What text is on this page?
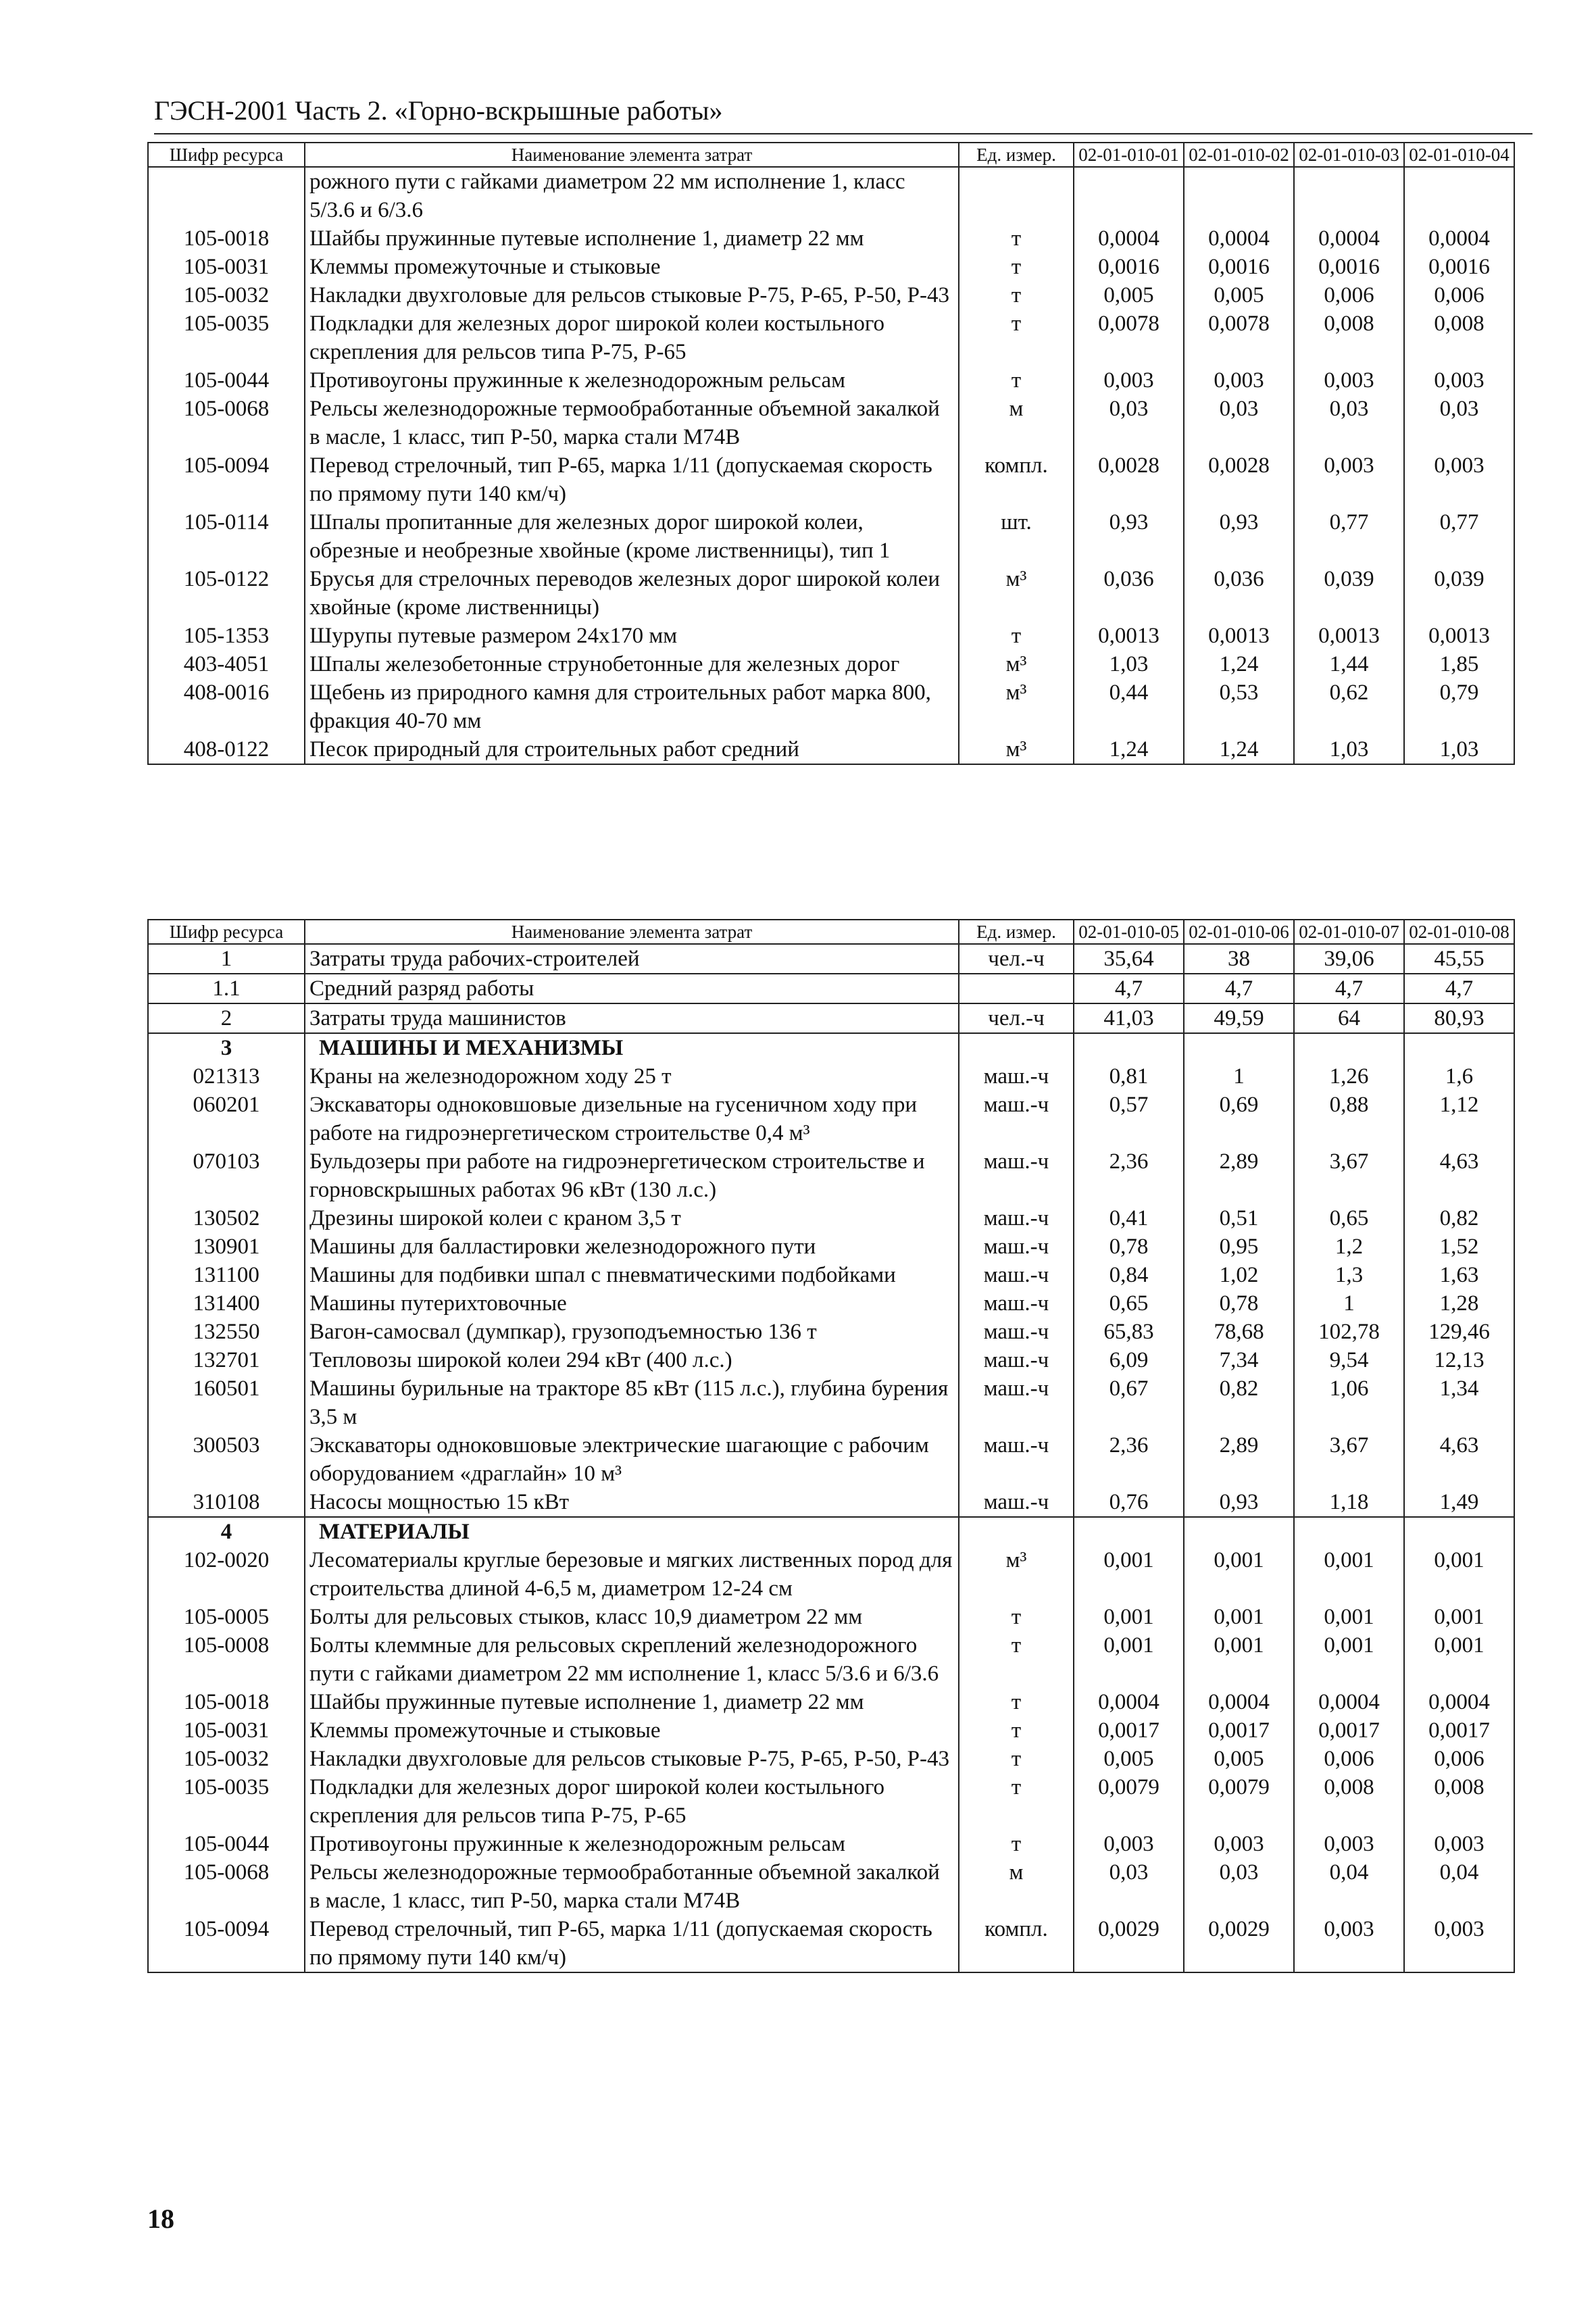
ГЭСН-2001 Часть 2. «Горно-вскрышные работы»
Шифр ресурса	Наименование элемента затрат	Ед. измер.	02-01-010-01	02-01-010-02	02-01-010-03	02-01-010-04
	рожного пути с гайками диаметром 22 мм исполнение 1, класс 5/3.6 и 6/3.6					
105-0018	Шайбы пружинные путевые исполнение 1, диаметр 22 мм	т	0,0004	0,0004	0,0004	0,0004
105-0031	Клеммы промежуточные и стыковые	т	0,0016	0,0016	0,0016	0,0016
105-0032	Накладки двухголовые для рельсов стыковые Р-75, Р-65, Р-50, Р-43	т	0,005	0,005	0,006	0,006
105-0035	Подкладки для железных дорог широкой колеи костыльного скрепления для рельсов типа Р-75, Р-65	т	0,0078	0,0078	0,008	0,008
105-0044	Противоугоны пружинные к железнодорожным рельсам	т	0,003	0,003	0,003	0,003
105-0068	Рельсы железнодорожные термообработанные объемной закалкой в масле, 1 класс, тип Р-50, марка стали М74В	м	0,03	0,03	0,03	0,03
105-0094	Перевод стрелочный, тип Р-65, марка 1/11 (допускаемая скорость по прямому пути 140 км/ч)	компл.	0,0028	0,0028	0,003	0,003
105-0114	Шпалы пропитанные для железных дорог широкой колеи, обрезные и необрезные хвойные (кроме лиственницы), тип 1	шт.	0,93	0,93	0,77	0,77
105-0122	Брусья для стрелочных переводов железных дорог широкой колеи хвойные (кроме лиственницы)	м³	0,036	0,036	0,039	0,039
105-1353	Шурупы путевые размером 24x170 мм	т	0,0013	0,0013	0,0013	0,0013
403-4051	Шпалы железобетонные струнобетонные для железных дорог	м³	1,03	1,24	1,44	1,85
408-0016	Щебень из природного камня для строительных работ марка 800, фракция 40-70 мм	м³	0,44	0,53	0,62	0,79
408-0122	Песок природный для строительных работ средний	м³	1,24	1,24	1,03	1,03
Шифр ресурса	Наименование элемента затрат	Ед. измер.	02-01-010-05	02-01-010-06	02-01-010-07	02-01-010-08
1	Затраты труда рабочих-строителей	чел.-ч	35,64	38	39,06	45,55
1.1	Средний разряд работы		4,7	4,7	4,7	4,7
2	Затраты труда машинистов	чел.-ч	41,03	49,59	64	80,93
3	МАШИНЫ И МЕХАНИЗМЫ					
021313	Краны на железнодорожном ходу 25 т	маш.-ч	0,81	1	1,26	1,6
060201	Экскаваторы одноковшовые дизельные на гусеничном ходу при работе на гидроэнергетическом строительстве 0,4 м³	маш.-ч	0,57	0,69	0,88	1,12
070103	Бульдозеры при работе на гидроэнергетическом строительстве и горновскрышных работах 96 кВт (130 л.с.)	маш.-ч	2,36	2,89	3,67	4,63
130502	Дрезины широкой колеи с краном 3,5 т	маш.-ч	0,41	0,51	0,65	0,82
130901	Машины для балластировки железнодорожного пути	маш.-ч	0,78	0,95	1,2	1,52
131100	Машины для подбивки шпал с пневматическими подбойками	маш.-ч	0,84	1,02	1,3	1,63
131400	Машины путерихтовочные	маш.-ч	0,65	0,78	1	1,28
132550	Вагон-самосвал (думпкар), грузоподъемностью 136 т	маш.-ч	65,83	78,68	102,78	129,46
132701	Тепловозы широкой колеи 294 кВт (400 л.с.)	маш.-ч	6,09	7,34	9,54	12,13
160501	Машины бурильные на тракторе 85 кВт (115 л.с.), глубина бурения 3,5 м	маш.-ч	0,67	0,82	1,06	1,34
300503	Экскаваторы одноковшовые электрические шагающие с рабочим оборудованием «драглайн» 10 м³	маш.-ч	2,36	2,89	3,67	4,63
310108	Насосы мощностью 15 кВт	маш.-ч	0,76	0,93	1,18	1,49
4	МАТЕРИАЛЫ					
102-0020	Лесоматериалы круглые березовые и мягких лиственных пород для строительства длиной 4-6,5 м, диаметром 12-24 см	м³	0,001	0,001	0,001	0,001
105-0005	Болты для рельсовых стыков, класс 10,9 диаметром 22 мм	т	0,001	0,001	0,001	0,001
105-0008	Болты клеммные для рельсовых скреплений железнодорожного пути с гайками диаметром 22 мм исполнение 1, класс 5/3.6 и 6/3.6	т	0,001	0,001	0,001	0,001
105-0018	Шайбы пружинные путевые исполнение 1, диаметр 22 мм	т	0,0004	0,0004	0,0004	0,0004
105-0031	Клеммы промежуточные и стыковые	т	0,0017	0,0017	0,0017	0,0017
105-0032	Накладки двухголовые для рельсов стыковые Р-75, Р-65, Р-50, Р-43	т	0,005	0,005	0,006	0,006
105-0035	Подкладки для железных дорог широкой колеи костыльного скрепления для рельсов типа Р-75, Р-65	т	0,0079	0,0079	0,008	0,008
105-0044	Противоугоны пружинные к железнодорожным рельсам	т	0,003	0,003	0,003	0,003
105-0068	Рельсы железнодорожные термообработанные объемной закалкой в масле, 1 класс, тип Р-50, марка стали М74В	м	0,03	0,03	0,04	0,04
105-0094	Перевод стрелочный, тип Р-65, марка 1/11 (допускаемая скорость по прямому пути 140 км/ч)	компл.	0,0029	0,0029	0,003	0,003
18
